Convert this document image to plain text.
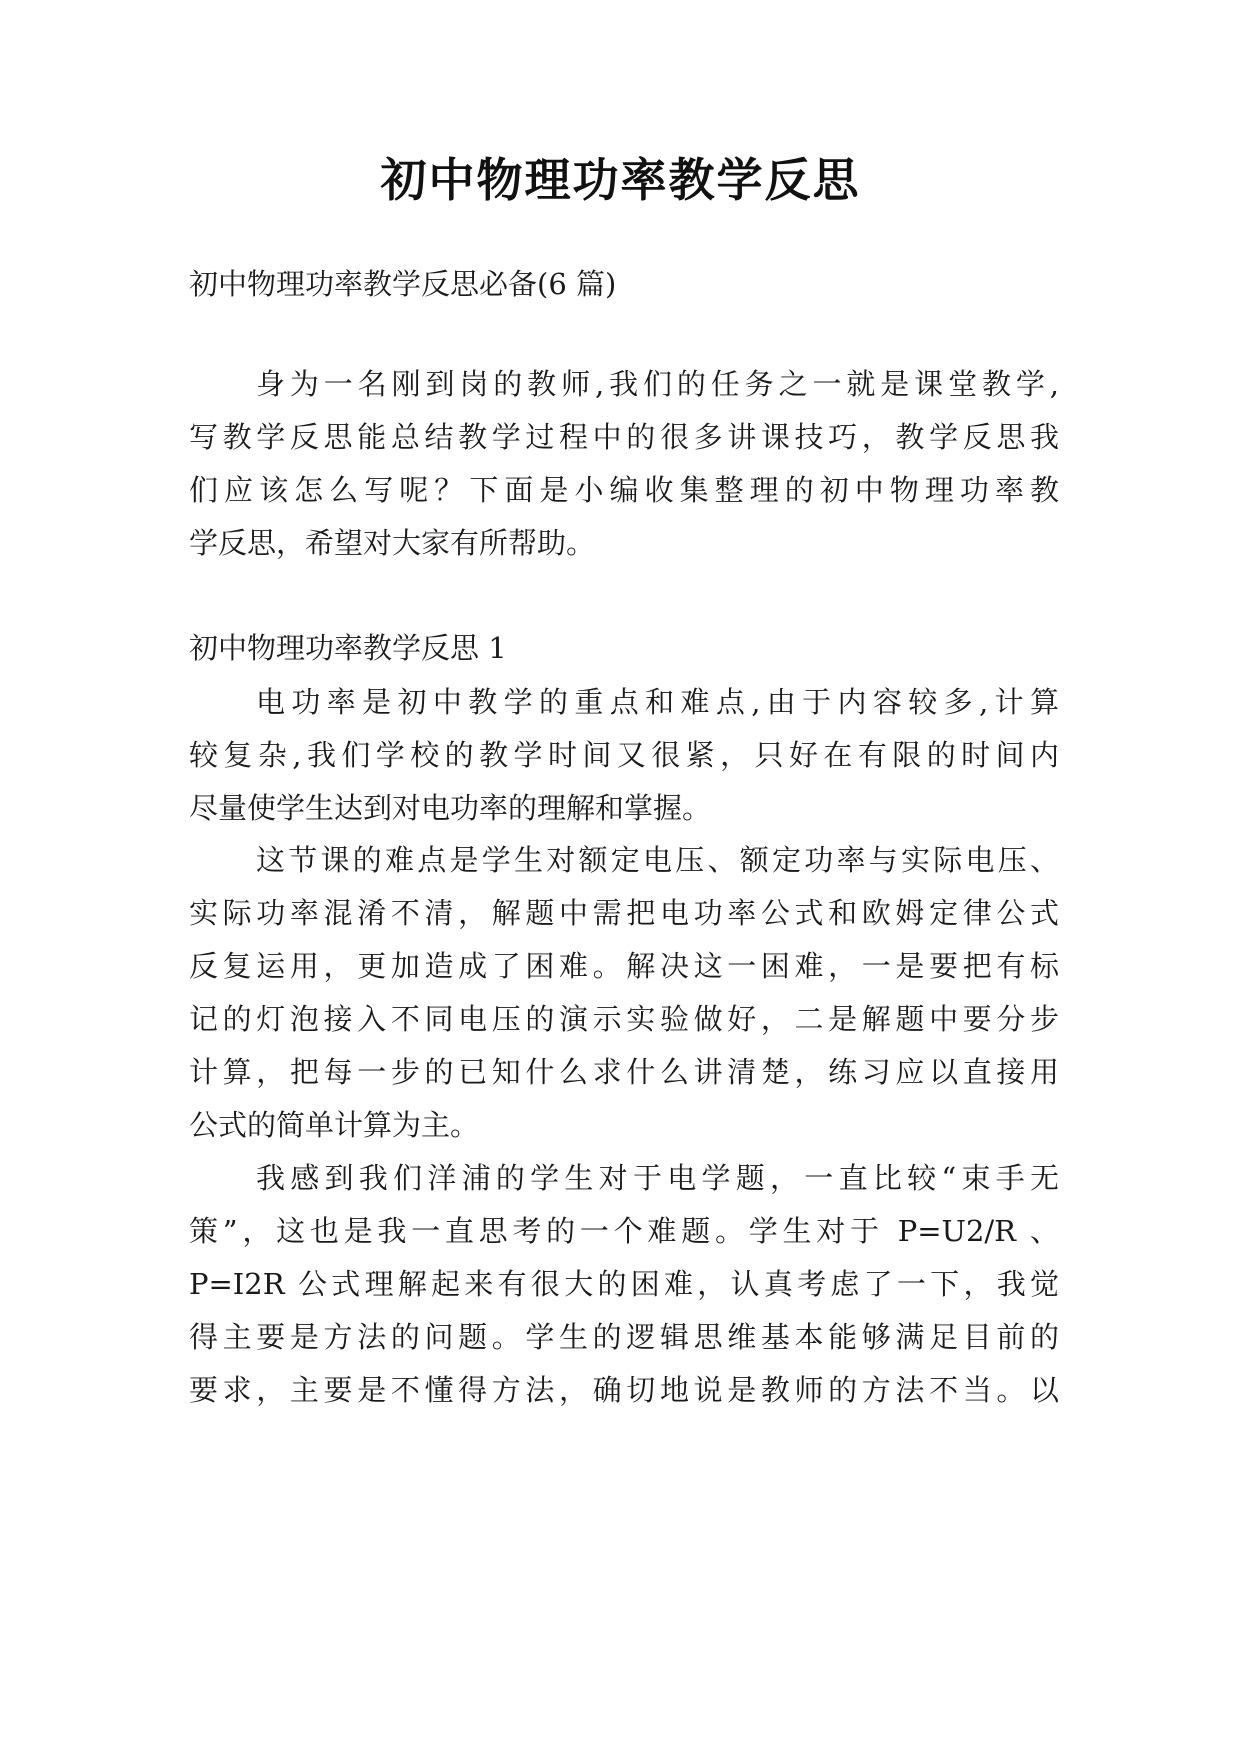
初中物理功率教学反思
初中物理功率教学反思必备(6 篇)
身为一名刚到岗的教师,我们的任务之一就是课堂教学,
写教学反思能总结教学过程中的很多讲课技巧，教学反思我
们应该怎么写呢？下面是小编收集整理的初中物理功率教
学反思，希望对大家有所帮助。
初中物理功率教学反思 1
电功率是初中教学的重点和难点,由于内容较多,计算
较复杂,我们学校的教学时间又很紧，只好在有限的时间内
尽量使学生达到对电功率的理解和掌握。
这节课的难点是学生对额定电压、额定功率与实际电压、
实际功率混淆不清，解题中需把电功率公式和欧姆定律公式
反复运用，更加造成了困难。解决这一困难，一是要把有标
记的灯泡接入不同电压的演示实验做好，二是解题中要分步
计算，把每一步的已知什么求什么讲清楚，练习应以直接用
公式的简单计算为主。
我感到我们洋浦的学生对于电学题，一直比较“束手无
策”，这也是我一直思考的一个难题。学生对于 P=U2/R 、
P=I2R 公式理解起来有很大的困难，认真考虑了一下，我觉
得主要是方法的问题。学生的逻辑思维基本能够满足目前的
要求，主要是不懂得方法，确切地说是教师的方法不当。以
